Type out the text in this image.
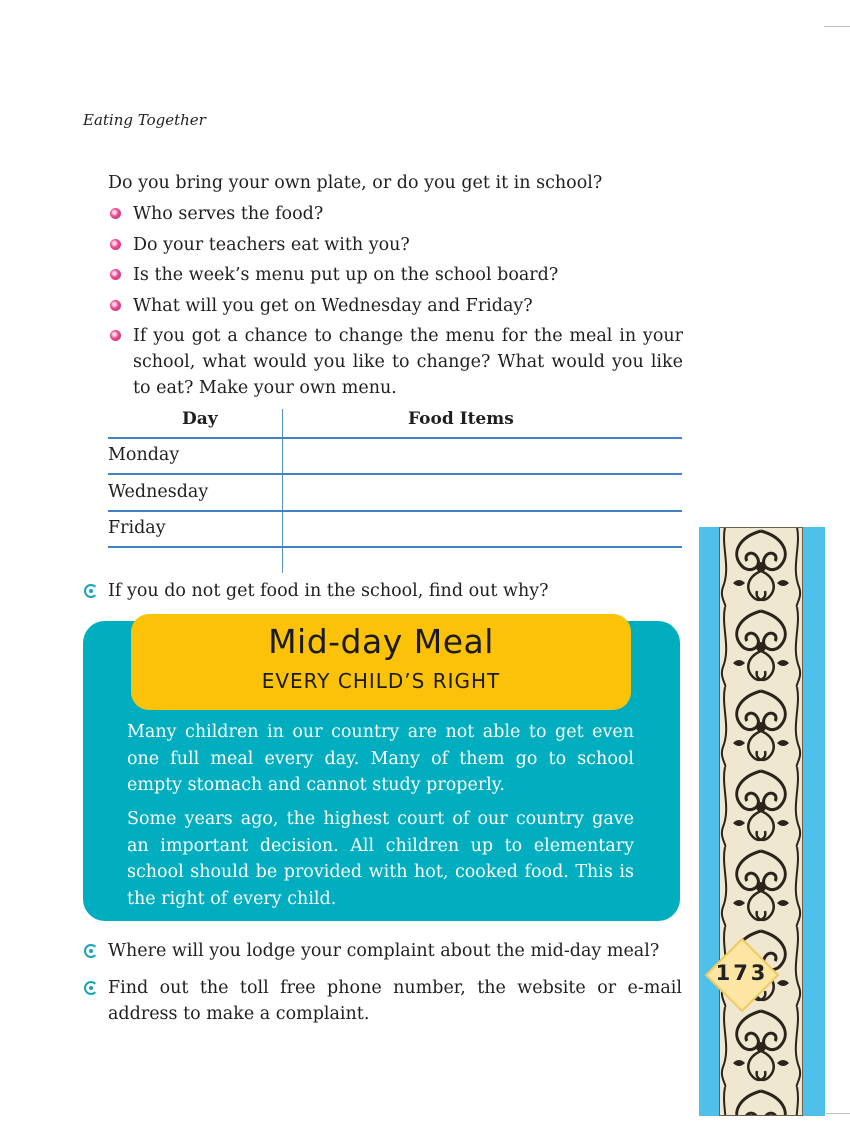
Eating Together
Do you bring your own plate, or do you get it in school?
Who serves the food?
Do your teachers eat with you?
Is the week’s menu put up on the school board?
What will you get on Wednesday and Friday?
If you got a chance to change the menu for the meal in your school, what would you like to change? What would you like to eat? Make your own menu.
Day	Food Items
Monday
Wednesday
Friday
If you do not get food in the school, find out why?
Mid-day Meal
EVERY CHILD’S RIGHT
Many children in our country are not able to get even one full meal every day. Many of them go to school empty stomach and cannot study properly.
Some years ago, the highest court of our country gave an important decision. All children up to elementary school should be provided with hot, cooked food. This is the right of every child.
Where will you lodge your complaint about the mid-day meal?
Find out the toll free phone number, the website or e-mail address to make a complaint.
173
